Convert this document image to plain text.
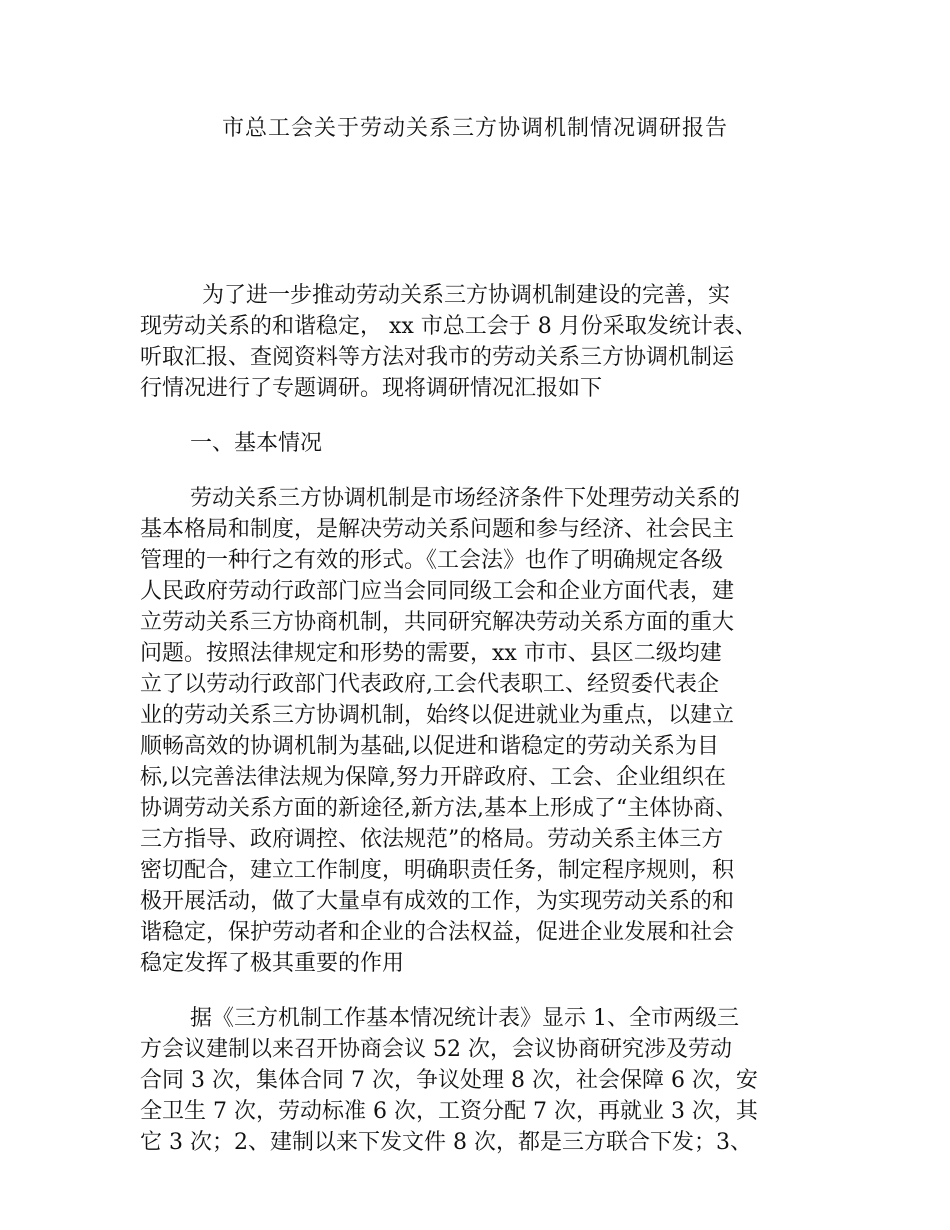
市总工会关于劳动关系三方协调机制情况调研报告
为了进一步推动劳动关系三方协调机制建设的完善，实
现劳动关系的和谐稳定， xx 市总工会于 8 月份采取发统计表、
听取汇报、查阅资料等方法对我市的劳动关系三方协调机制运
行情况进行了专题调研。现将调研情况汇报如下
一、基本情况
劳动关系三方协调机制是市场经济条件下处理劳动关系的
基本格局和制度，是解决劳动关系问题和参与经济、社会民主
管理的一种行之有效的形式。《工会法》也作了明确规定各级
人民政府劳动行政部门应当会同同级工会和企业方面代表，建
立劳动关系三方协商机制，共同研究解决劳动关系方面的重大
问题。按照法律规定和形势的需要，xx 市市、县区二级均建
立了以劳动行政部门代表政府,工会代表职工、经贸委代表企
业的劳动关系三方协调机制，始终以促进就业为重点，以建立
顺畅高效的协调机制为基础,以促进和谐稳定的劳动关系为目
标,以完善法律法规为保障,努力开辟政府、工会、企业组织在
协调劳动关系方面的新途径,新方法,基本上形成了“主体协商、
三方指导、政府调控、依法规范”的格局。劳动关系主体三方
密切配合，建立工作制度，明确职责任务，制定程序规则，积
极开展活动，做了大量卓有成效的工作，为实现劳动关系的和
谐稳定，保护劳动者和企业的合法权益，促进企业发展和社会
稳定发挥了极其重要的作用
据《三方机制工作基本情况统计表》显示 1、全市两级三
方会议建制以来召开协商会议 52 次，会议协商研究涉及劳动
合同 3 次，集体合同 7 次，争议处理 8 次，社会保障 6 次，安
全卫生 7 次，劳动标准 6 次，工资分配 7 次，再就业 3 次，其
它 3 次；2、建制以来下发文件 8 次，都是三方联合下发；3、
